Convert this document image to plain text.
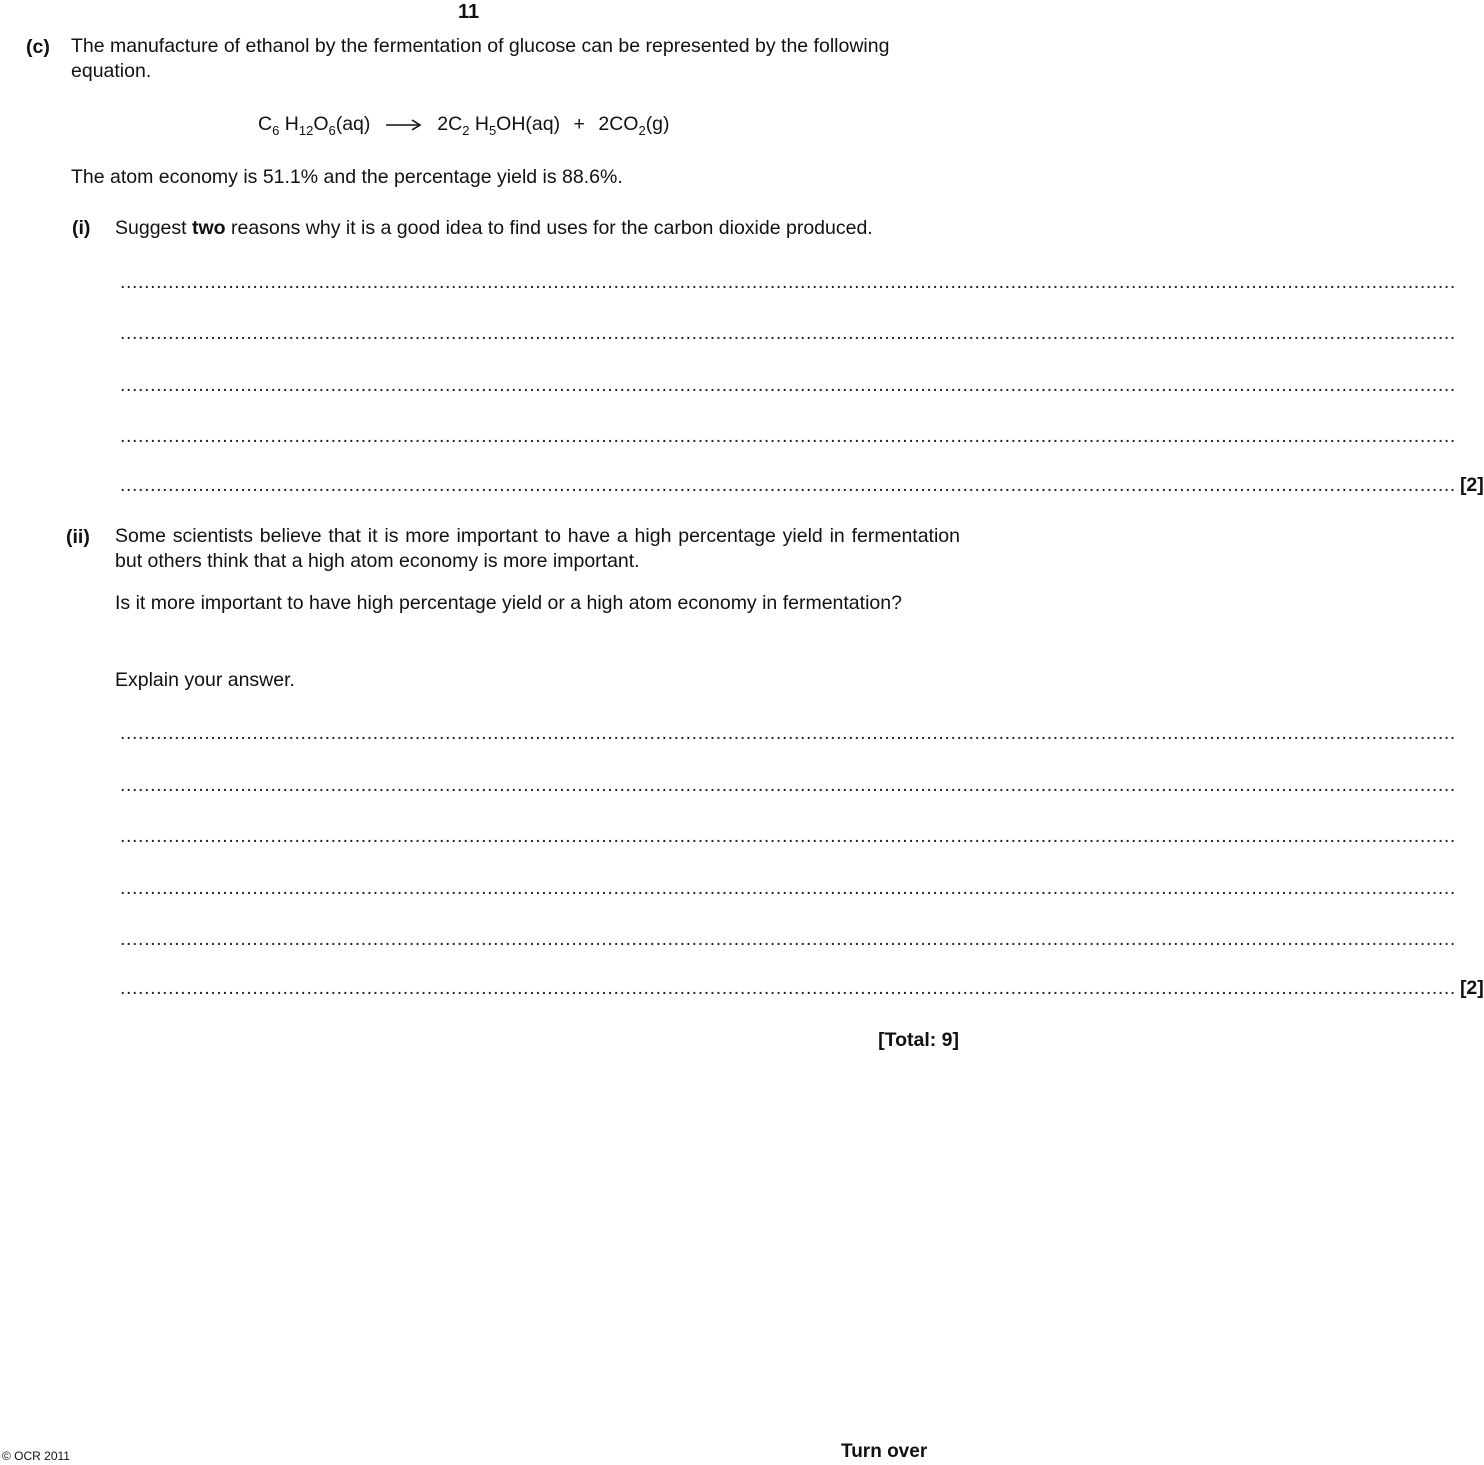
11
(c) The manufacture of ethanol by the fermentation of glucose can be represented by the following equation.
$C_6$ $H_{12}O_6(aq) \to 2C_2$ $H_5OH(aq) + 2CO_2(g)$
The atom economy is 51.1% and the percentage yield is 88.6%.
(i) Suggest two reasons why it is a good idea to find uses for the carbon dioxide produced.
..............................................................................................................................................................................................................................
..............................................................................................................................................................................................................................
..............................................................................................................................................................................................................................
..............................................................................................................................................................................................................................
.............................................................................................................................................................................................................................. [2]
(ii) Some scientists believe that it is more important to have a high percentage yield in fermentation but others think that a high atom economy is more important.
Is it more important to have high percentage yield or a high atom economy in fermentation?
Explain your answer.
..............................................................................................................................................................................................................................
..............................................................................................................................................................................................................................
..............................................................................................................................................................................................................................
..............................................................................................................................................................................................................................
..............................................................................................................................................................................................................................
.............................................................................................................................................................................................................................. [2]
[Total: 9]
© OCR 2011	Turn over
